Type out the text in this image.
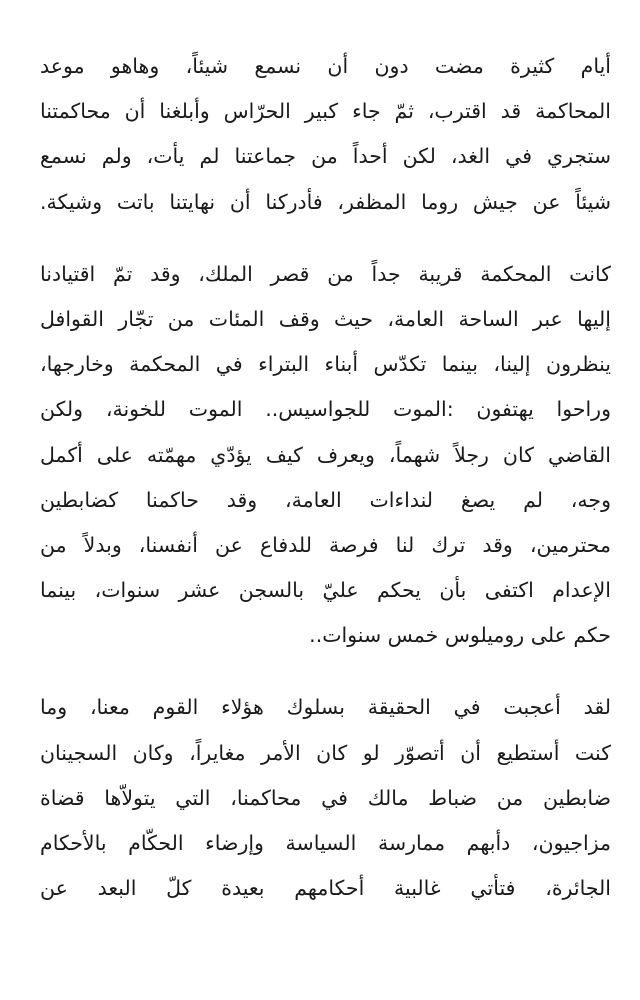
أيام كثيرة مضت دون أن نسمع شيئاً، وهاهو موعد
المحاكمة قد اقترب، ثمّ جاء كبير الحرّاس وأبلغنا أن محاكمتنا
ستجري في الغد، لكن أحداً من جماعتنا لم يأت، ولم نسمع
شيئاً عن جيش روما المظفر، فأدركنا أن نهايتنا باتت وشيكة.
كانت المحكمة قريبة جداً من قصر الملك، وقد تمّ اقتيادنا
إليها عبر الساحة العامة، حيث وقف المئات من تجّار القوافل
ينظرون إلينا، بينما تكدّس أبناء البتراء في المحكمة وخارجها،
وراحوا يهتفون :الموت للجواسيس.. الموت للخونة، ولكن
القاضي كان رجلاً شهماً، ويعرف كيف يؤدّي مهمّته على أكمل
وجه، لم يصغ لنداءات العامة، وقد حاكمنا كضابطين
محترمين، وقد ترك لنا فرصة للدفاع عن أنفسنا، وبدلاً من
الإعدام اكتفى بأن يحكم عليّ بالسجن عشر سنوات، بينما
حكم على روميلوس خمس سنوات..
لقد أعجبت في الحقيقة بسلوك هؤلاء القوم معنا، وما
كنت أستطيع أن أتصوّر لو كان الأمر مغايراً، وكان السجينان
ضابطين من ضباط مالك في محاكمنا، التي يتولاّها قضاة
مزاجيون، دأبهم ممارسة السياسة وإرضاء الحكّام بالأحكام
الجائرة، فتأتي غالبية أحكامهم بعيدة كلّ البعد عن
